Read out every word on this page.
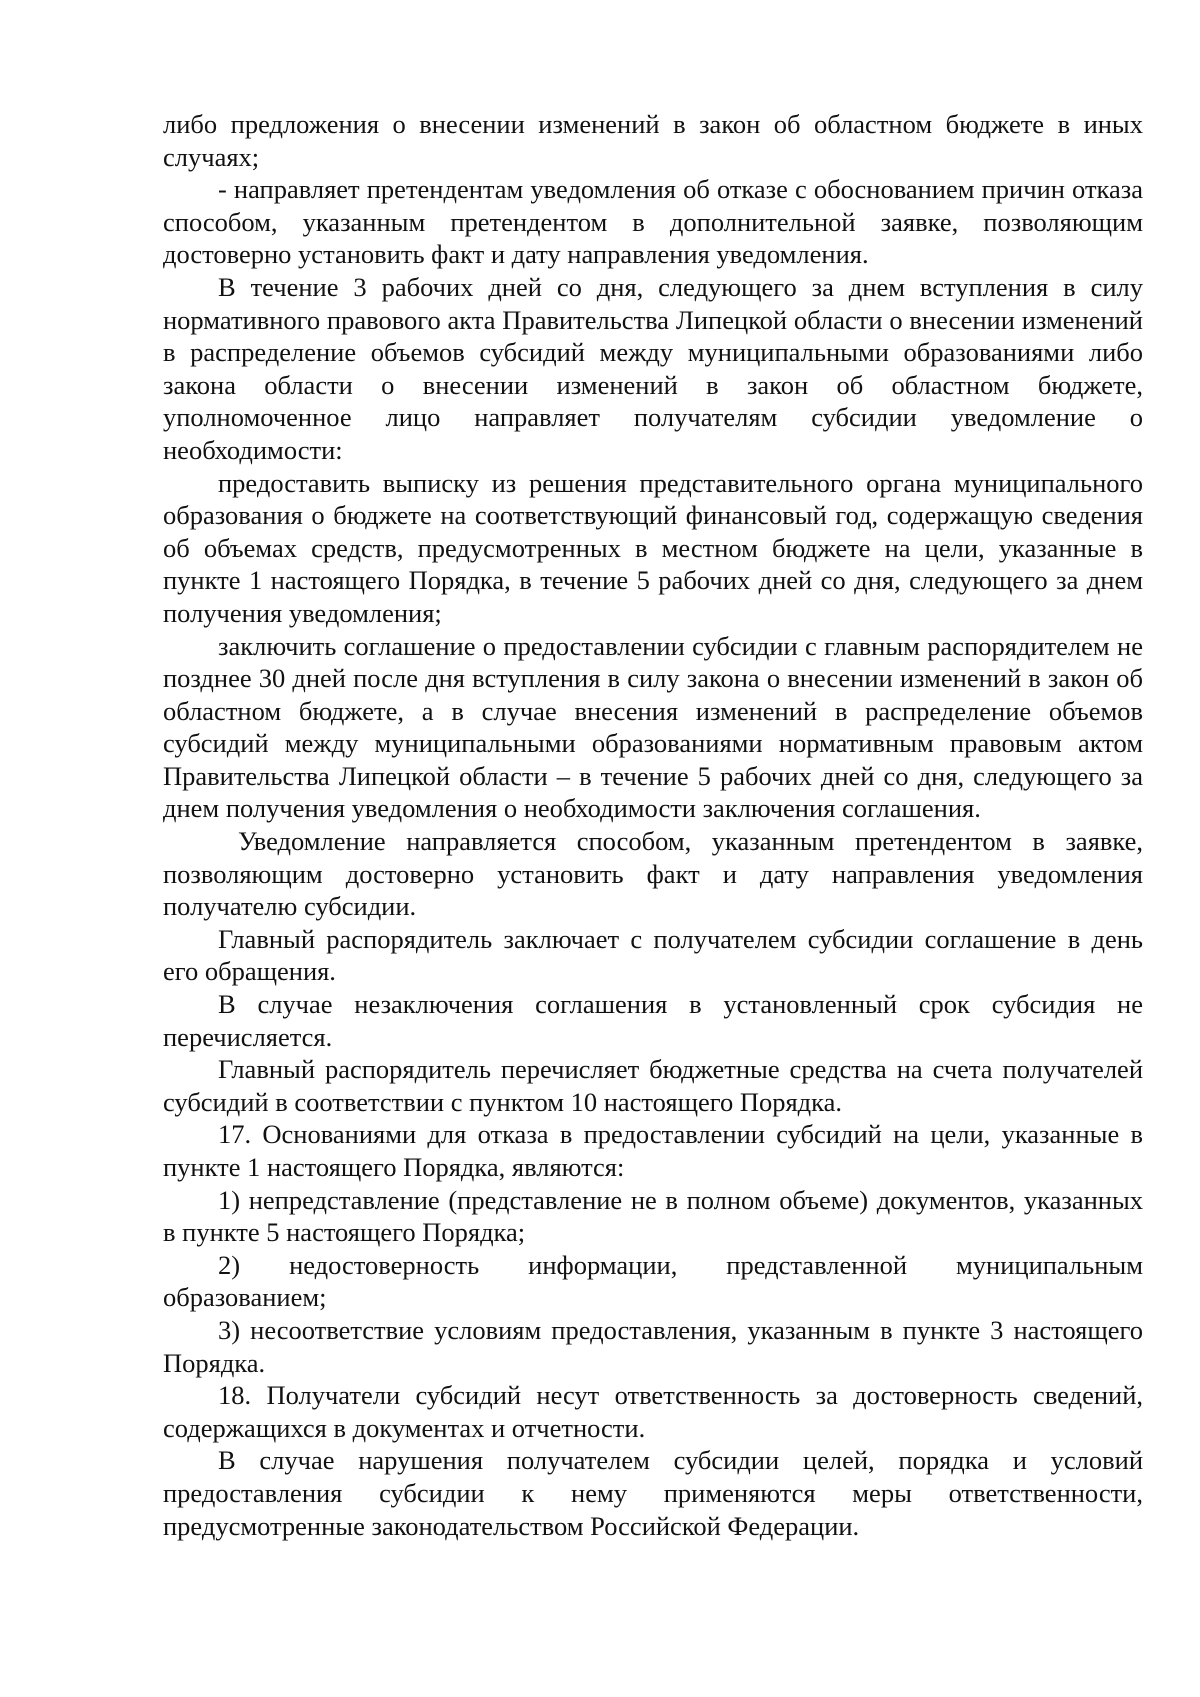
либо предложения о внесении изменений в закон об областном бюджете в иных случаях;

- направляет претендентам уведомления об отказе с обоснованием причин отказа способом, указанным претендентом в дополнительной заявке, позволяющим достоверно установить факт и дату направления уведомления.

В течение 3 рабочих дней со дня, следующего за днем вступления в силу нормативного правового акта Правительства Липецкой области о внесении изменений в распределение объемов субсидий между муниципальными образованиями либо закона области о внесении изменений в закон об областном бюджете, уполномоченное лицо направляет получателям субсидии уведомление о необходимости:

предоставить выписку из решения представительного органа муниципального образования о бюджете на соответствующий финансовый год, содержащую сведения об объемах средств, предусмотренных в местном бюджете на цели, указанные в пункте 1 настоящего Порядка, в течение 5 рабочих дней со дня, следующего за днем получения уведомления;

заключить соглашение о предоставлении субсидии с главным распорядителем не позднее 30 дней после дня вступления в силу закона о внесении изменений в закон об областном бюджете, а в случае внесения изменений в распределение объемов субсидий между муниципальными образованиями нормативным правовым актом Правительства Липецкой области – в течение 5 рабочих дней со дня, следующего за днем получения уведомления о необходимости заключения соглашения.

Уведомление направляется способом, указанным претендентом в заявке, позволяющим достоверно установить факт и дату направления уведомления получателю субсидии.

Главный распорядитель заключает с получателем субсидии соглашение в день его обращения.

В случае незаключения соглашения в установленный срок субсидия не перечисляется.

Главный распорядитель перечисляет бюджетные средства на счета получателей субсидий в соответствии с пунктом 10 настоящего Порядка.

17. Основаниями для отказа в предоставлении субсидий на цели, указанные в пункте 1 настоящего Порядка, являются:

1) непредставление (представление не в полном объеме) документов, указанных в пункте 5 настоящего Порядка;

2) недостоверность информации, представленной муниципальным образованием;

3) несоответствие условиям предоставления, указанным в пункте 3 настоящего Порядка.

18. Получатели субсидий несут ответственность за достоверность сведений, содержащихся в документах и отчетности.

В случае нарушения получателем субсидии целей, порядка и условий предоставления субсидии к нему применяются меры ответственности, предусмотренные законодательством Российской Федерации.
